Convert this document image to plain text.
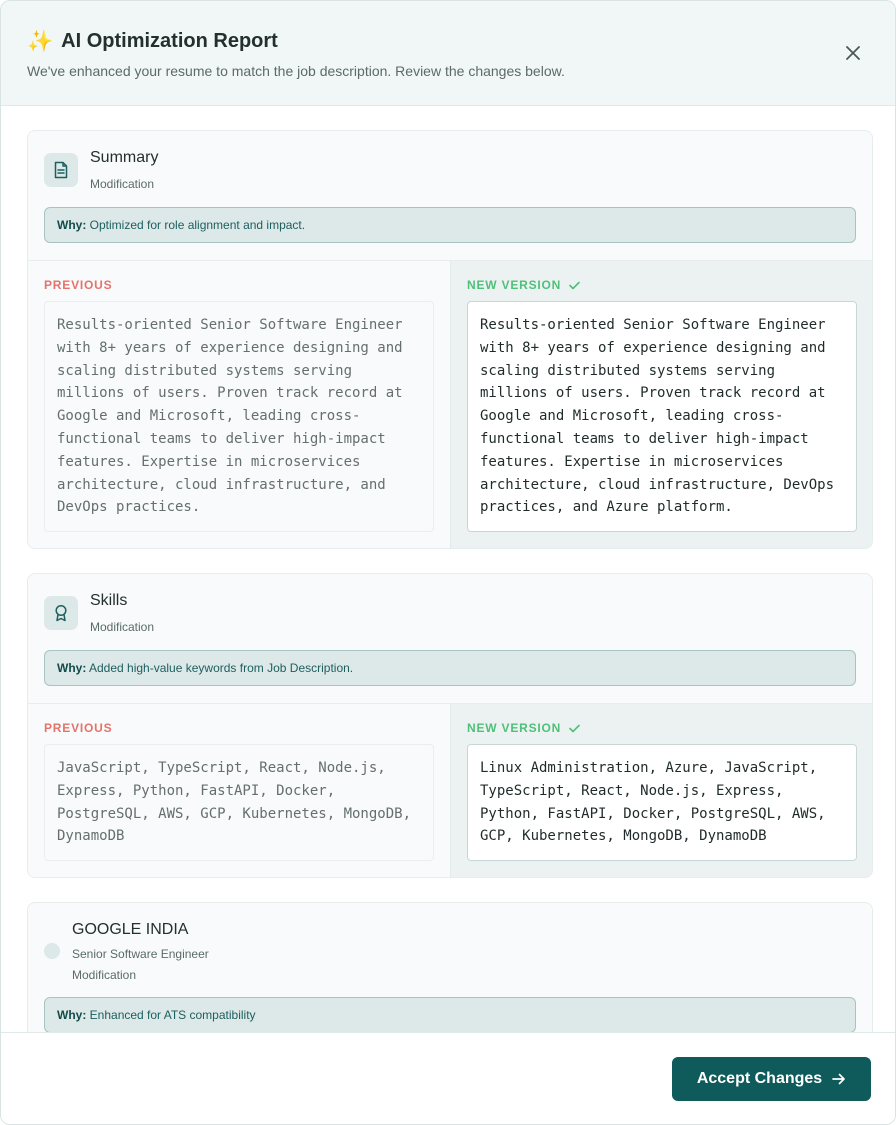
✨ AI Optimization Report

We've enhanced your resume to match the job description. Review the changes below.

Summary
Modification
Why: Optimized for role alignment and impact.
PREVIOUS
Results-oriented Senior Software Engineer with 8+ years of experience designing and scaling distributed systems serving millions of users. Proven track record at Google and Microsoft, leading cross-functional teams to deliver high-impact features. Expertise in microservices architecture, cloud infrastructure, and DevOps practices.
NEW VERSION
Results-oriented Senior Software Engineer with 8+ years of experience designing and scaling distributed systems serving millions of users. Proven track record at Google and Microsoft, leading cross-functional teams to deliver high-impact features. Expertise in microservices architecture, cloud infrastructure, DevOps practices, and Azure platform.
Skills
Modification
Why: Added high-value keywords from Job Description.
PREVIOUS
JavaScript, TypeScript, React, Node.js, Express, Python, FastAPI, Docker, PostgreSQL, AWS, GCP, Kubernetes, MongoDB, DynamoDB
NEW VERSION
Linux Administration, Azure, JavaScript, TypeScript, React, Node.js, Express, Python, FastAPI, Docker, PostgreSQL, AWS, GCP, Kubernetes, MongoDB, DynamoDB
GOOGLE INDIA
Senior Software Engineer
Modification
Why: Enhanced for ATS compatibility
Accept Changes
